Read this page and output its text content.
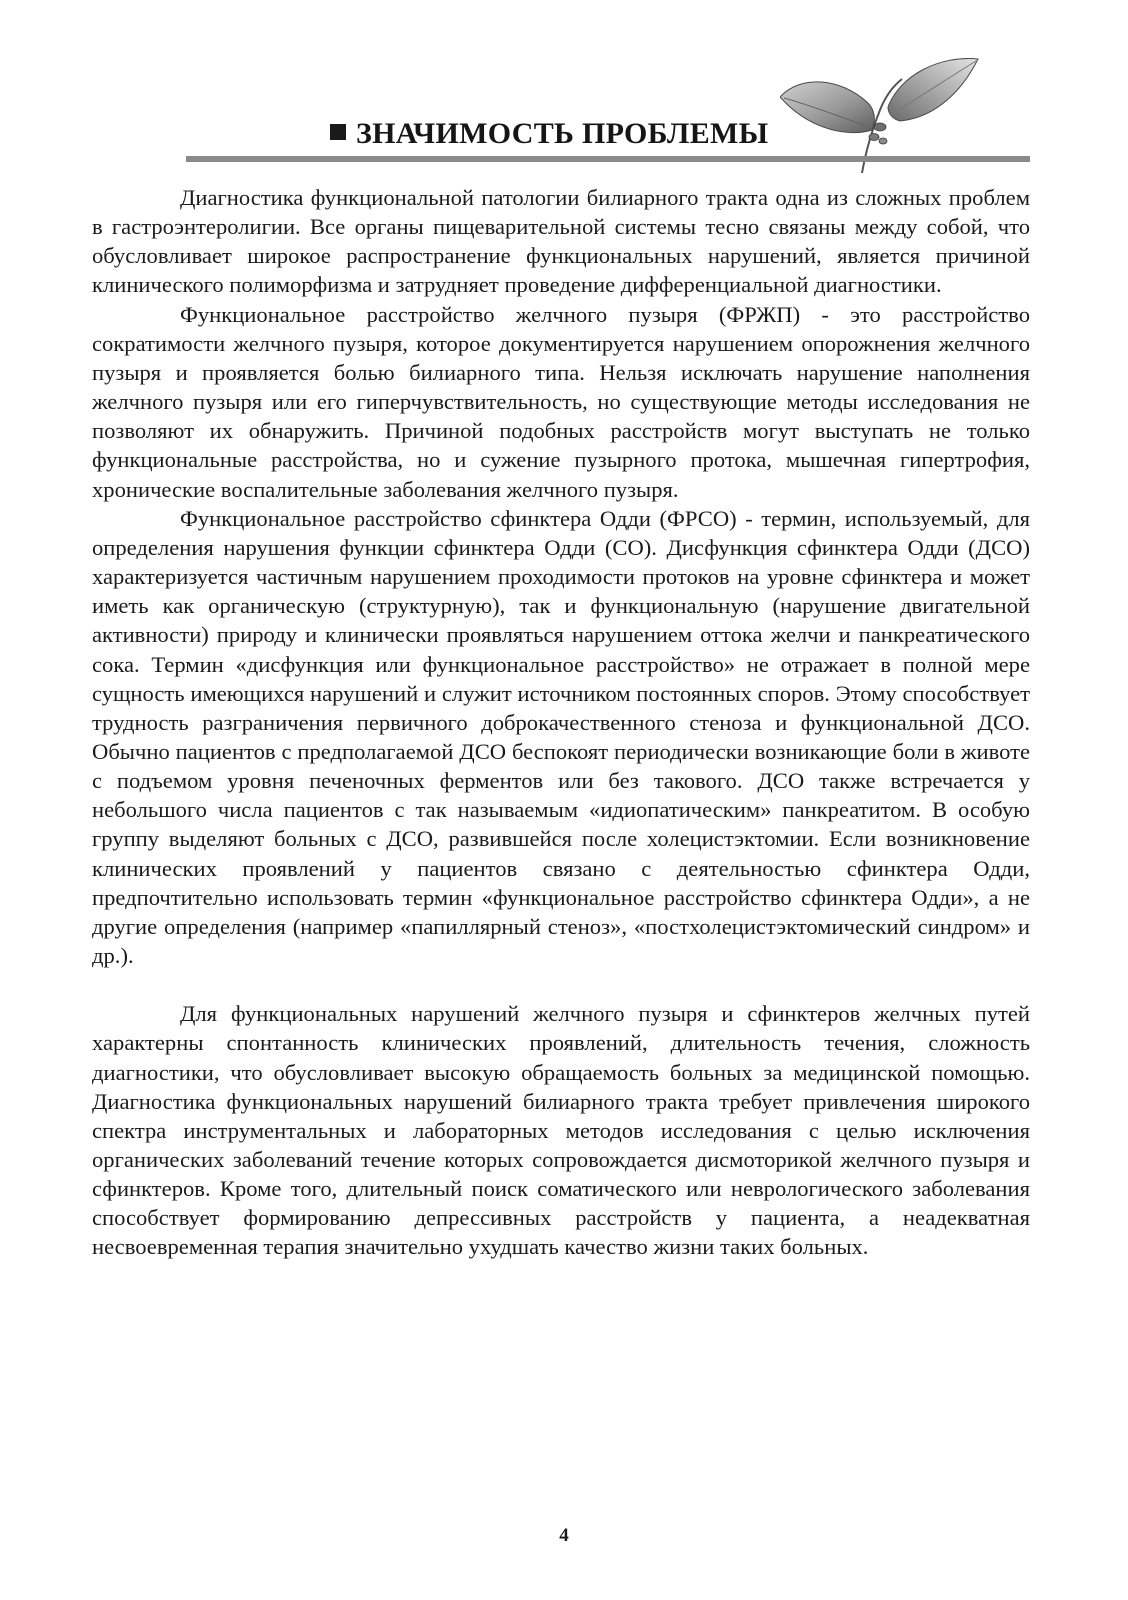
ЗНАЧИМОСТЬ ПРОБЛЕМЫ

Диагностика функциональной патологии билиарного тракта одна из сложных проблем в гастроэнтеролигии. Все органы пищеварительной системы тесно связаны между собой, что обусловливает широкое распространение функциональных нарушений, является причиной клинического полиморфизма и затрудняет проведение дифференциальной диагностики.

Функциональное расстройство желчного пузыря (ФРЖП) - это расстройство сократимости желчного пузыря, которое документируется нарушением опорожнения желчного пузыря и проявляется болью билиарного типа. Нельзя исключать нарушение наполнения желчного пузыря или его гиперчувствительность, но существующие методы исследования не позволяют их обнаружить. Причиной подобных расстройств могут выступать не только функциональные расстройства, но и сужение пузырного протока, мышечная гипертрофия, хронические воспалительные заболевания желчного пузыря.

Функциональное расстройство сфинктера Одди (ФРСО) - термин, используемый, для определения нарушения функции сфинктера Одди (СО). Дисфункция сфинктера Одди (ДСО) характеризуется частичным нарушением проходимости протоков на уровне сфинктера и может иметь как органическую (структурную), так и функциональную (нарушение двигательной активности) природу и клинически проявляться нарушением оттока желчи и панкреатического сока. Термин «дисфункция или функциональное расстройство» не отражает в полной мере сущность имеющихся нарушений и служит источником постоянных споров. Этому способствует трудность разграничения первичного доброкачественного стеноза и функциональной ДСО. Обычно пациентов с предполагаемой ДСО беспокоят периодически возникающие боли в животе с подъемом уровня печеночных ферментов или без такового. ДСО также встречается у небольшого числа пациентов с так называемым «идиопатическим» панкреатитом. В особую группу выделяют больных с ДСО, развившейся после холецистэктомии. Если возникновение клинических проявлений у пациентов связано с деятельностью сфинктера Одди, предпочтительно использовать термин «функциональное расстройство сфинктера Одди», а не другие определения (например «папиллярный стеноз», «постхолецистэктомический синдром» и др.).

Для функциональных нарушений желчного пузыря и сфинктеров желчных путей характерны спонтанность клинических проявлений, длительность течения, сложность диагностики, что обусловливает высокую обращаемость больных за медицинской помощью. Диагностика функциональных нарушений билиарного тракта требует привлечения широкого спектра инструментальных и лабораторных методов исследования с целью исключения органических заболеваний течение которых сопровождается дисмоторикой желчного пузыря и сфинктеров. Кроме того, длительный поиск соматического или неврологического заболевания способствует формированию депрессивных расстройств у пациента, а неадекватная несвоевременная терапия значительно ухудшать качество жизни таких больных.

4
